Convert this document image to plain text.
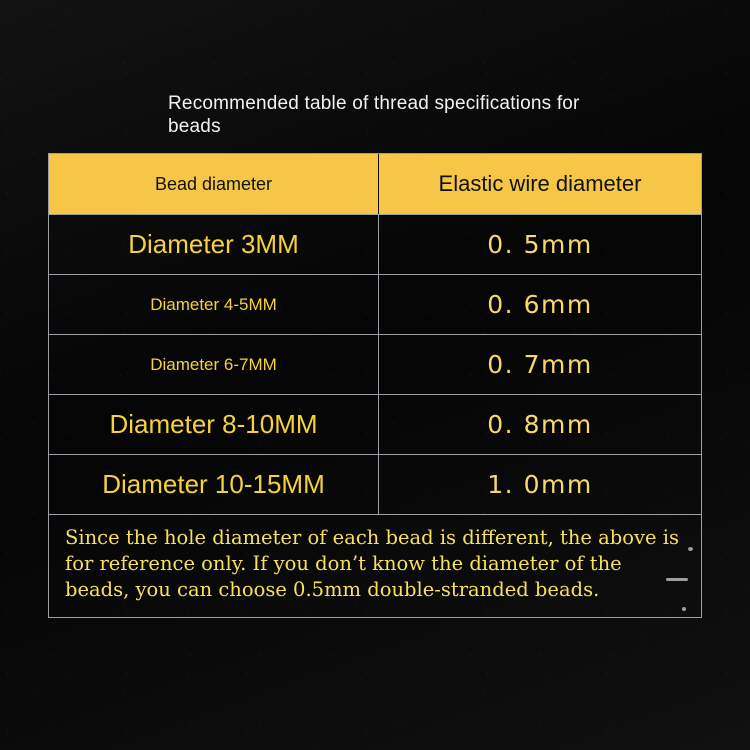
Recommended table of thread specifications for beads
Bead diameter	Elastic wire diameter
Diameter 3MM	0. 5mm
Diameter 4-5MM	0. 6mm
Diameter 6-7MM	0. 7mm
Diameter 8-10MM	0. 8mm
Diameter 10-15MM	1. 0mm
Since the hole diameter of each bead is different, the above is for reference only. If you don’t know the diameter of the beads, you can choose 0.5mm double-stranded beads.
